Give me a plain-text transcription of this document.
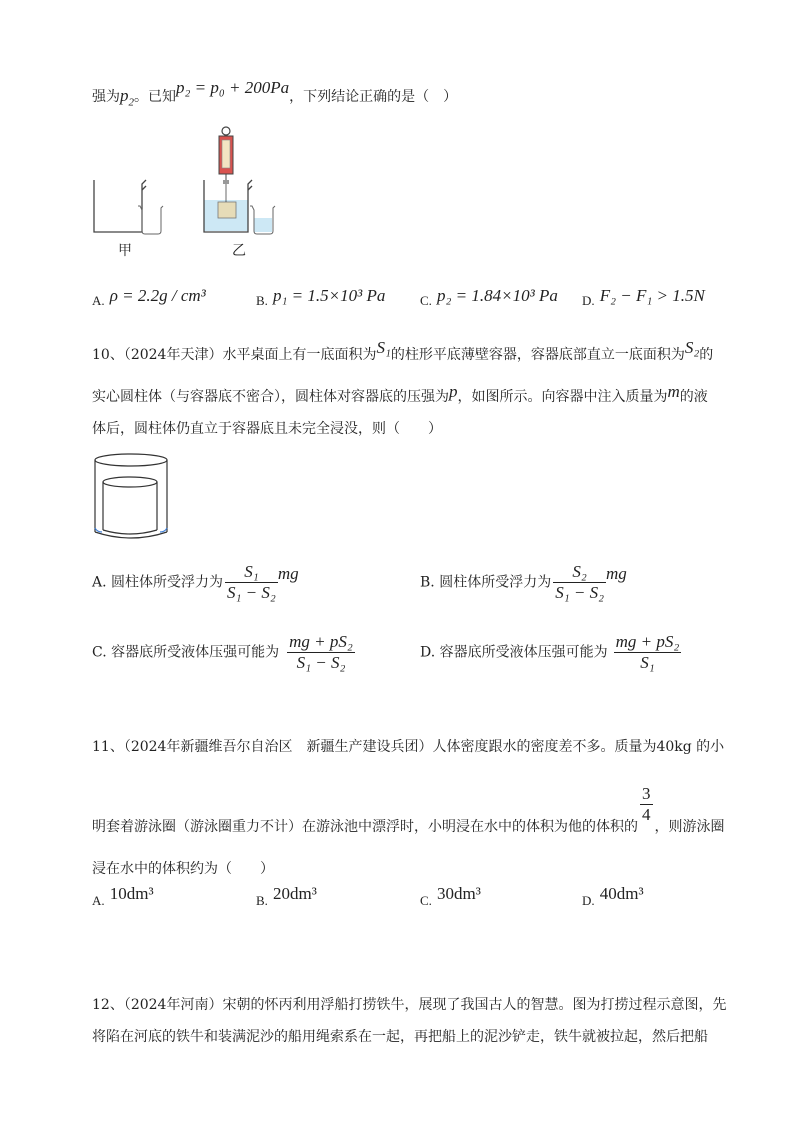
强为$p_2$。已知p₂ = p₀ + 200Pa，下列结论正确的是（　）
甲	乙
A. ρ = 2.2g / cm³	B. p₁ = 1.5×10³ Pa	C. p₂ = 1.84×10³ Pa D. F₂ − F₁ > 1.5N
10、（2024年天津）水平桌面上有一底面积为S₁的柱形平底薄壁容器，容器底部直立一底面积为S₂的
实心圆柱体（与容器底不密合），圆柱体对容器底的压强为p，如图所示。向容器中注入质量为m的液
体后，圆柱体仍直立于容器底且未完全浸没，则（　　）
A. 圆柱体所受浮力为 $\frac{\text{S₁}}{\text{S₁ − S₂}}$ mg	B. 圆柱体所受浮力为 $\frac{\text{S₂}}{\text{S₁ − S₂}}$ mg
C. 容器底所受液体压强可能为 $\frac{\text{mg + pS₂}}{\text{S₁ − S₂}}$	D. 容器底所受液体压强可能为 $\frac{\text{mg + pS₂}}{\text{S₁}}$
11、（2024年新疆维吾尔自治区　新疆生产建设兵团）人体密度跟水的密度差不多。质量为40kg 的小
明套着游泳圈（游泳圈重力不计）在游泳池中漂浮时，小明浸在水中的体积为他的体积的
$\frac{3}{4}$
，则游泳圈
浸在水中的体积约为（　　）
A. 10dm³	B. 20dm³	C. 30dm³	D. 40dm³
12、（2024年河南）宋朝的怀丙利用浮船打捞铁牛，展现了我国古人的智慧。图为打捞过程示意图，先
将陷在河底的铁牛和装满泥沙的船用绳索系在一起，再把船上的泥沙铲走，铁牛就被拉起，然后把船
